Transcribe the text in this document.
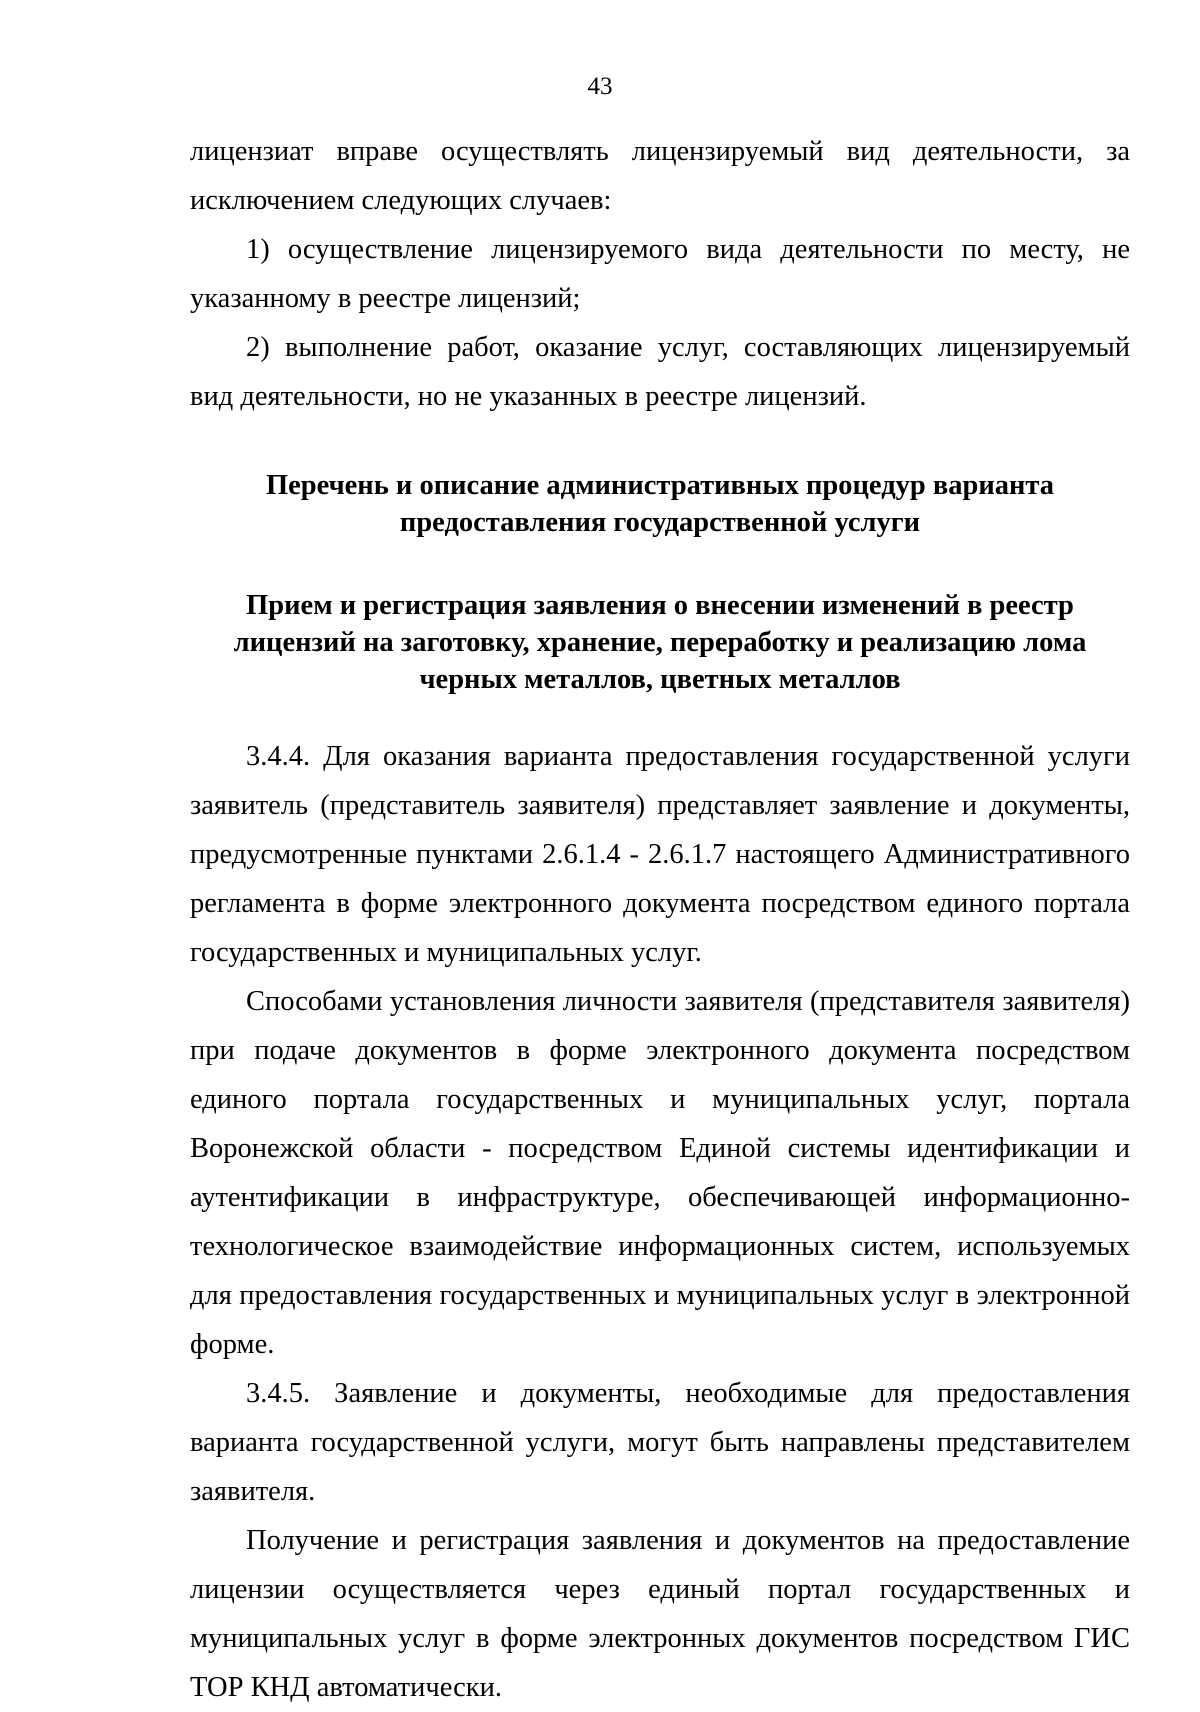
43

лицензиат вправе осуществлять лицензируемый вид деятельности, за исключением следующих случаев:

1) осуществление лицензируемого вида деятельности по месту, не указанному в реестре лицензий;

2) выполнение работ, оказание услуг, составляющих лицензируемый вид деятельности, но не указанных в реестре лицензий.

Перечень и описание административных процедур варианта предоставления государственной услуги
Прием и регистрация заявления о внесении изменений в реестр лицензий на заготовку, хранение, переработку и реализацию лома черных металлов, цветных металлов

3.4.4. Для оказания варианта предоставления государственной услуги заявитель (представитель заявителя) представляет заявление и документы, предусмотренные пунктами 2.6.1.4 - 2.6.1.7 настоящего Административного регламента в форме электронного документа посредством единого портала государственных и муниципальных услуг.

Способами установления личности заявителя (представителя заявителя) при подаче документов в форме электронного документа посредством единого портала государственных и муниципальных услуг, портала Воронежской области - посредством Единой системы идентификации и аутентификации в инфраструктуре, обеспечивающей информационно-технологическое взаимодействие информационных систем, используемых для предоставления государственных и муниципальных услуг в электронной форме.

3.4.5. Заявление и документы, необходимые для предоставления варианта государственной услуги, могут быть направлены представителем заявителя.

Получение и регистрация заявления и документов на предоставление лицензии осуществляется через единый портал государственных и муниципальных услуг в форме электронных документов посредством ГИС ТОР КНД автоматически.
